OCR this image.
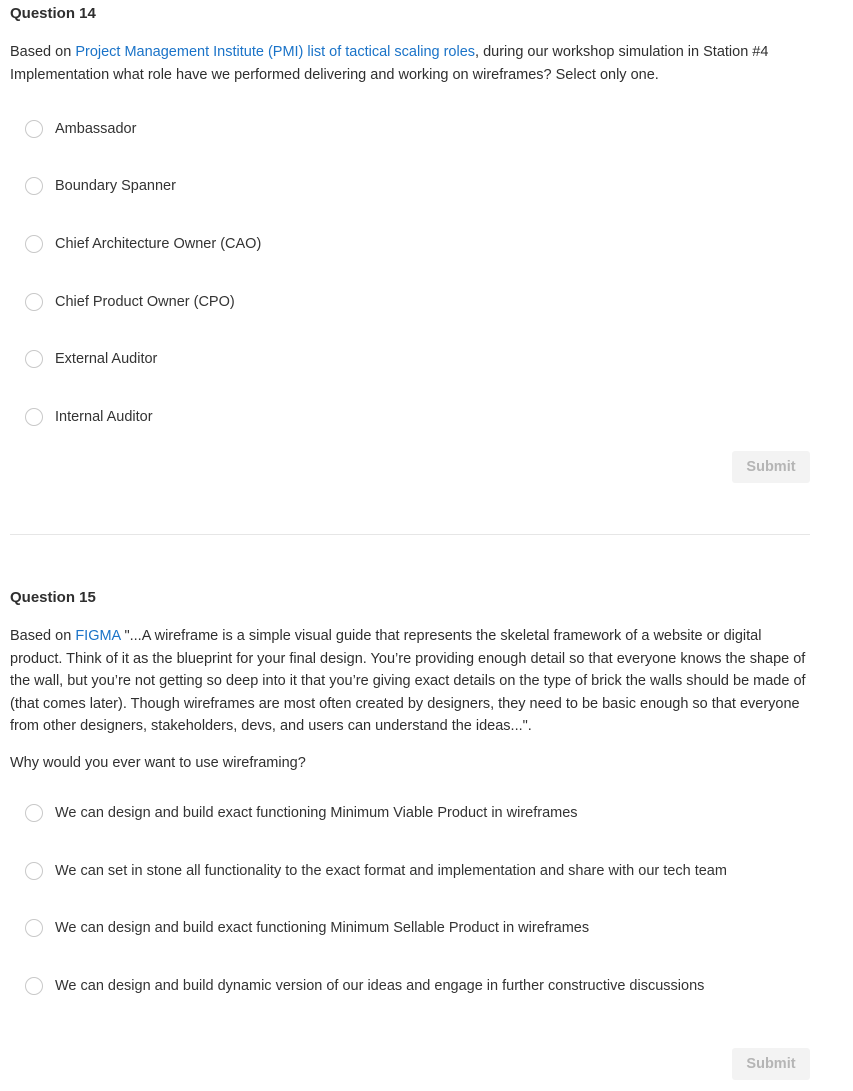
Question 14
Based on Project Management Institute (PMI) list of tactical scaling roles, during our workshop simulation in Station #4 Implementation what role have we performed delivering and working on wireframes? Select only one.
Ambassador
Boundary Spanner
Chief Architecture Owner (CAO)
Chief Product Owner (CPO)
External Auditor
Internal Auditor
Submit
Question 15
Based on FIGMA "...A wireframe is a simple visual guide that represents the skeletal framework of a website or digital product. Think of it as the blueprint for your final design. You’re providing enough detail so that everyone knows the shape of the wall, but you’re not getting so deep into it that you’re giving exact details on the type of brick the walls should be made of (that comes later). Though wireframes are most often created by designers, they need to be basic enough so that everyone from other designers, stakeholders, devs, and users can understand the ideas...".
Why would you ever want to use wireframing?
We can design and build exact functioning Minimum Viable Product in wireframes
We can set in stone all functionality to the exact format and implementation and share with our tech team
We can design and build exact functioning Minimum Sellable Product in wireframes
We can design and build dynamic version of our ideas and engage in further constructive discussions
Submit
